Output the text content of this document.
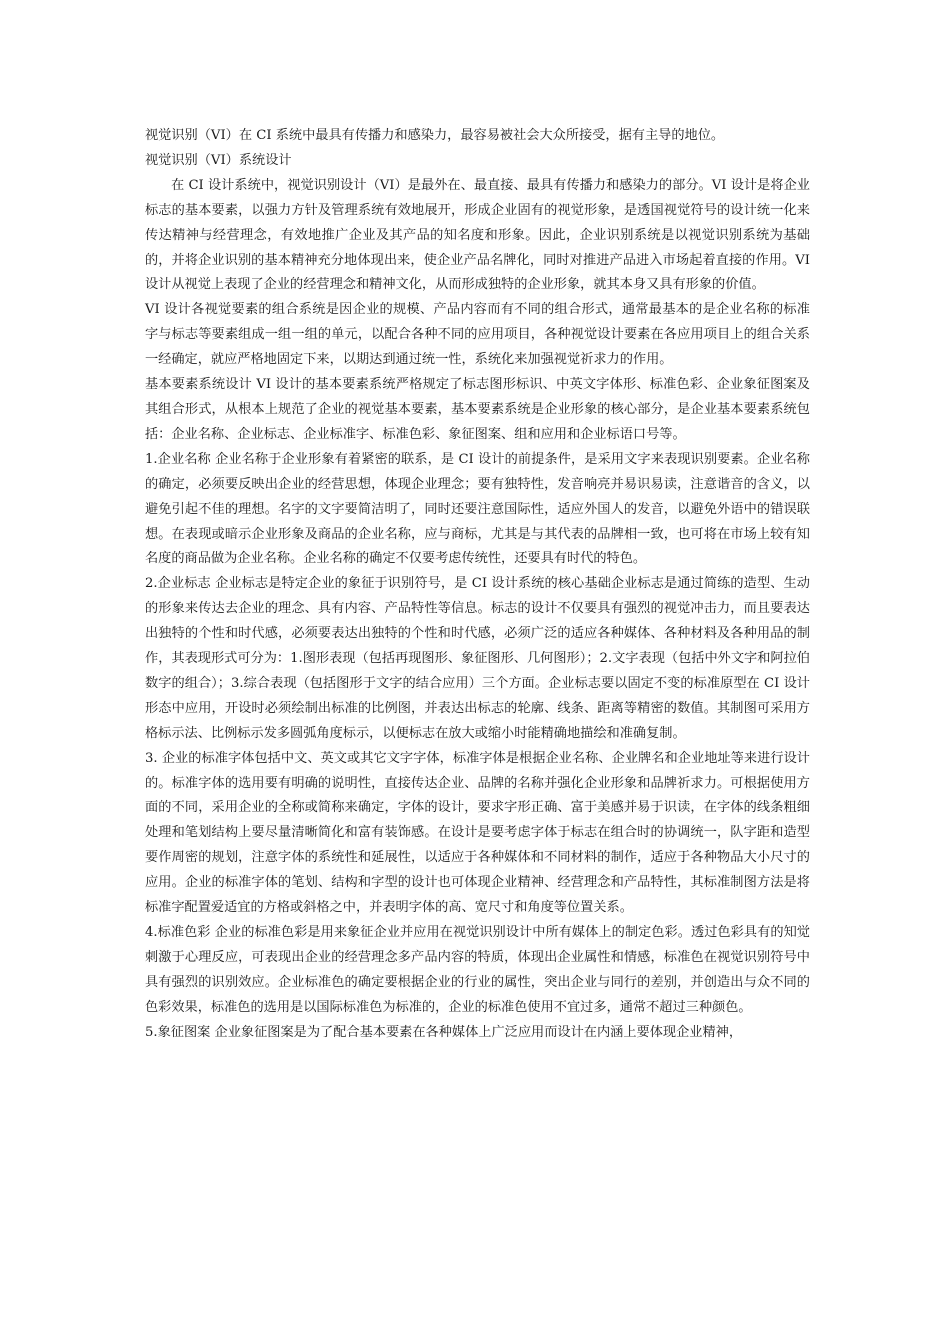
视觉识别（VI）在 CI 系统中最具有传播力和感染力，最容易被社会大众所接受，据有主导的地位。

视觉识别（VI）系统设计

在 CI 设计系统中，视觉识别设计（VI）是最外在、最直接、最具有传播力和感染力的部分。VI 设计是将企业标志的基本要素，以强力方针及管理系统有效地展开，形成企业固有的视觉形象，是透国视觉符号的设计统一化来传达精神与经营理念，有效地推广企业及其产品的知名度和形象。因此，企业识别系统是以视觉识别系统为基础的，并将企业识别的基本精神充分地体现出来，使企业产品名牌化，同时对推进产品进入市场起着直接的作用。VI 设计从视觉上表现了企业的经营理念和精神文化，从而形成独特的企业形象，就其本身又具有形象的价值。

VI 设计各视觉要素的组合系统是因企业的规模、产品内容而有不同的组合形式，通常最基本的是企业名称的标准字与标志等要素组成一组一组的单元，以配合各种不同的应用项目，各种视觉设计要素在各应用项目上的组合关系一经确定，就应严格地固定下来，以期达到通过统一性，系统化来加强视觉祈求力的作用。

基本要素系统设计 VI 设计的基本要素系统严格规定了标志图形标识、中英文字体形、标准色彩、企业象征图案及其组合形式，从根本上规范了企业的视觉基本要素，基本要素系统是企业形象的核心部分，是企业基本要素系统包括：企业名称、企业标志、企业标准字、标准色彩、象征图案、组和应用和企业标语口号等。

1.企业名称 企业名称于企业形象有着紧密的联系，是 CI 设计的前提条件，是采用文字来表现识别要素。企业名称的确定，必须要反映出企业的经营思想，体现企业理念；要有独特性，发音响亮并易识易读，注意谐音的含义，以避免引起不佳的理想。名字的文字要简洁明了，同时还要注意国际性，适应外国人的发音，以避免外语中的错误联想。在表现或暗示企业形象及商品的企业名称，应与商标，尤其是与其代表的品牌相一致，也可将在市场上较有知名度的商品做为企业名称。企业名称的确定不仅要考虑传统性，还要具有时代的特色。

2.企业标志 企业标志是特定企业的象征于识别符号，是 CI 设计系统的核心基础企业标志是通过简练的造型、生动的形象来传达去企业的理念、具有内容、产品特性等信息。标志的设计不仅要具有强烈的视觉冲击力，而且要表达出独特的个性和时代感，必须要表达出独特的个性和时代感，必须广泛的适应各种媒体、各种材料及各种用品的制作，其表现形式可分为：1.图形表现（包括再现图形、象征图形、几何图形）；2.文字表现（包括中外文字和阿拉伯数字的组合）；3.综合表现（包括图形于文字的结合应用）三个方面。企业标志要以固定不变的标准原型在 CI 设计形态中应用，开设时必须绘制出标准的比例图，并表达出标志的轮廓、线条、距离等精密的数值。其制图可采用方格标示法、比例标示发多圆弧角度标示，以便标志在放大或缩小时能精确地描绘和准确复制。

3. 企业的标准字体包括中文、英文或其它文字字体，标准字体是根据企业名称、企业牌名和企业地址等来进行设计的。标准字体的选用要有明确的说明性，直接传达企业、品牌的名称并强化企业形象和品牌祈求力。可根据使用方面的不同，采用企业的全称或简称来确定，字体的设计，要求字形正确、富于美感并易于识读，在字体的线条粗细处理和笔划结构上要尽量清晰简化和富有装饰感。在设计是要考虑字体于标志在组合时的协调统一，队字距和造型要作周密的规划，注意字体的系统性和延展性，以适应于各种媒体和不同材料的制作，适应于各种物品大小尺寸的应用。企业的标准字体的笔划、结构和字型的设计也可体现企业精神、经营理念和产品特性，其标准制图方法是将标准字配置爱适宜的方格或斜格之中，并表明字体的高、宽尺寸和角度等位置关系。

4.标准色彩 企业的标准色彩是用来象征企业并应用在视觉识别设计中所有媒体上的制定色彩。透过色彩具有的知觉刺激于心理反应，可表现出企业的经营理念多产品内容的特质，体现出企业属性和情感，标准色在视觉识别符号中具有强烈的识别效应。企业标准色的确定要根据企业的行业的属性，突出企业与同行的差别，并创造出与众不同的色彩效果，标准色的选用是以国际标准色为标准的，企业的标准色使用不宜过多，通常不超过三种颜色。

5.象征图案 企业象征图案是为了配合基本要素在各种媒体上广泛应用而设计在内涵上要体现企业精神，
